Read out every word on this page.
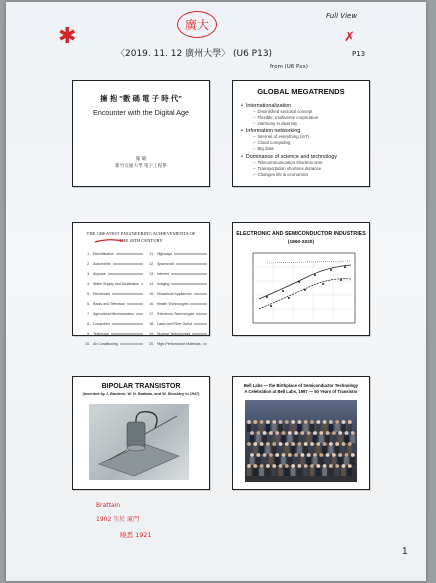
✱	廣大
〈2019. 11. 12 廣州大學〉 (U6 P13)
Full View
✗
P13
from (U6 Pxx)
擁 抱 "數 碼 電 子 時 代"
Encounter with the Digital Age
施 敏
新竹交通大學 電子工程系
GLOBAL MEGATRENDS
• Internationalization
– Diminished sectoral concept
– Flexible, multiverse corporation
– Harmony in diversity
• Information networking
– Internet of everything (IoT)
– Cloud computing
– Big data
• Dominance of science and technology
– Telecommunication shortens time
– Transportation shortens distance
– Changes life & economics
THE GREATEST ENGINEERING ACHIEVEMENTS OF
THE 20TH CENTURY
1. Electrification
2. Automobile
3. Airplane
4. Water Supply and Distribution
5. Electronics
6. Radio and Television
7. Agricultural Mechanization
8. Computers
9. Telephone
10. Air Conditioning
11. Highways
12. Spacecraft
13. Internet
14. Imaging
15. Household Appliances
16. Health Technologies
17. Petroleum Technologies
18. Laser and Fiber Optics
19. Nuclear Technologies
20. High-Performance Materials
ELECTRONIC AND SEMICONDUCTOR INDUSTRIES
(1960-2020)
BIPOLAR TRANSISTOR
(Invented by J. Bardeen, W. H. Brattain, and W. Shockley in 1947)
Bell Labs — the Birthplace of Semiconductor Technology
A Celebration at Bell Labs, 1997 — 50 Years of Transistor
Brattain
1902 生於 廈門
曉悉 1921
1
